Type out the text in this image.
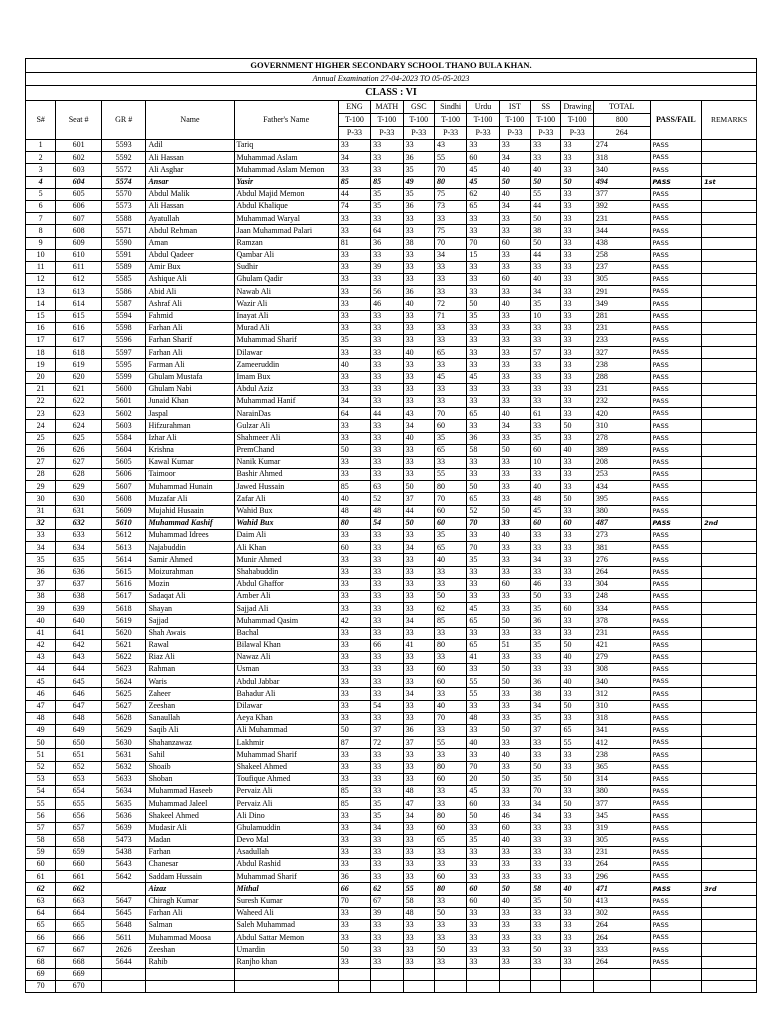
GOVERNMENT HIGHER SECONDARY SCHOOL THANO BULA KHAN.															
Annual Examination 27-04-2023 TO 05-05-2023															
CLASS : VI															
S#	Seat #	GR #	Name	Father's Name	ENG	MATH	GSC	Sindhi	Urdu	IST	SS	Drawing	TOTAL	PASS/FAIL	REMARKS
					T-100	T-100	T-100	T-100	T-100	T-100	T-100	T-100	800		
					P-33	P-33	P-33	P-33	P-33	P-33	P-33	P-33	264		
1	601	5593	Adil	Tariq	33	33	33	43	33	33	33	33	274	PASS	
2	602	5592	Ali Hassan	Muhammad Aslam	34	33	36	55	60	34	33	33	318	PASS	
3	603	5572	Ali Asghar	Muhammad Aslam Memon	33	33	35	70	45	40	40	33	340	PASS	
4	604	5574	Ansar	Yasir	85	85	49	80	45	50	50	50	494	PASS	1st
5	605	5570	Abdul Malik	Abdul Majid Memon	44	35	35	75	62	40	55	33	377	PASS	
6	606	5573	Ali Hassan	Abdul Khalique	74	35	36	73	65	34	44	33	392	PASS	
7	607	5588	Ayatullah	Muhammad Waryal	33	33	33	33	33	33	50	33	231	PASS	
8	608	5571	Abdul Rehman	Jaan Muhammad Palari	33	64	33	75	33	33	38	33	344	PASS	
9	609	5590	Aman	Ramzan	81	36	38	70	70	60	50	33	438	PASS	
10	610	5591	Abdul Qadeer	Qambar Ali	33	33	33	34	15	33	44	33	258	PASS	
11	611	5589	Amir Bux	Sudhir	33	39	33	33	33	33	33	33	237	PASS	
12	612	5585	Ashique Ali	Ghulam Qadir	33	33	33	33	33	60	40	33	305	PASS	
13	613	5586	Abid Ali	Nawab Ali	33	56	36	33	33	33	34	33	291	PASS	
14	614	5587	Ashraf Ali	Wazir Ali	33	46	40	72	50	40	35	33	349	PASS	
15	615	5594	Fahmid	Inayat Ali	33	33	33	71	35	33	10	33	281	PASS	
16	616	5598	Farhan Ali	Murad Ali	33	33	33	33	33	33	33	33	231	PASS	
17	617	5596	Farhan Sharif	Muhammad Sharif	35	33	33	33	33	33	33	33	233	PASS	
18	618	5597	Farhan Ali	Dilawar	33	33	40	65	33	33	57	33	327	PASS	
19	619	5595	Farman Ali	Zameeruddin	40	33	33	33	33	33	33	33	238	PASS	
20	620	5599	Ghulam Mustafa	Imam Bux	33	33	33	45	45	33	33	33	288	PASS	
21	621	5600	Ghulam Nabi	Abdul Aziz	33	33	33	33	33	33	33	33	231	PASS	
22	622	5601	Junaid Khan	Muhammad Hanif	34	33	33	33	33	33	33	33	232	PASS	
23	623	5602	Jaspal	NarainDas	64	44	43	70	65	40	61	33	420	PASS	
24	624	5603	Hifzurahman	Gulzar Ali	33	33	34	60	33	34	33	50	310	PASS	
25	625	5584	Izhar Ali	Shahmeer Ali	33	33	40	35	36	33	35	33	278	PASS	
26	626	5604	Krishna	PremChand	50	33	33	65	58	50	60	40	389	PASS	
27	627	5605	Kawal Kumar	Nanik Kumar	33	33	33	33	33	33	10	33	208	PASS	
28	628	5606	Taimoor	Bashir Ahmed	33	33	33	55	33	33	33	33	253	PASS	
29	629	5607	Muhammad Hunain	Jawed Hussain	85	63	50	80	50	33	40	33	434	PASS	
30	630	5608	Muzafar Ali	Zafar Ali	40	52	37	70	65	33	48	50	395	PASS	
31	631	5609	Mujahid Husaain	Wahid Bux	48	48	44	60	52	50	45	33	380	PASS	
32	632	5610	Muhammad Kashif	Wahid Bux	80	54	50	60	70	33	60	60	487	PASS	2nd
33	633	5612	Muhammad Idrees	Daim Ali	33	33	33	35	33	40	33	33	273	PASS	
34	634	5613	Najabuddin	Ali Khan	60	33	34	65	70	33	33	33	381	PASS	
35	635	5614	Samir Ahmed	Munir Ahmed	33	33	33	40	35	33	34	33	276	PASS	
36	636	5615	Moizurahman	Shahabuddin	33	33	33	33	33	33	33	33	264	PASS	
37	637	5616	Mozin	Abdul Ghaffor	33	33	33	33	33	60	46	33	304	PASS	
38	638	5617	Sadaqat Ali	Amber Ali	33	33	33	50	33	33	50	33	248	PASS	
39	639	5618	Shayan	Sajjad Ali	33	33	33	62	45	33	35	60	334	PASS	
40	640	5619	Sajjad	Muhammad Qasim	42	33	34	85	65	50	36	33	378	PASS	
41	641	5620	Shah Awais	Bachal	33	33	33	33	33	33	33	33	231	PASS	
42	642	5621	Rawal	Bilawal Khan	33	66	41	80	65	51	35	50	421	PASS	
43	643	5622	Riaz Ali	Nawaz Ali	33	33	33	33	41	33	33	40	279	PASS	
44	644	5623	Rahman	Usman	33	33	33	60	33	50	33	33	308	PASS	
45	645	5624	Waris	Abdul Jabbar	33	33	33	60	55	50	36	40	340	PASS	
46	646	5625	Zaheer	Bahadur Ali	33	33	34	33	55	33	38	33	312	PASS	
47	647	5627	Zeeshan	Dilawar	33	54	33	40	33	33	34	50	310	PASS	
48	648	5628	Sanaullah	Aeya Khan	33	33	33	70	48	33	35	33	318	PASS	
49	649	5629	Saqib Ali	Ali Muhammad	50	37	36	33	33	50	37	65	341	PASS	
50	650	5630	Shahanzawaz	Lakhmir	87	72	37	55	40	33	33	55	412	PASS	
51	651	5631	Sahil	Muhammad Sharif	33	33	33	33	33	40	33	33	238	PASS	
52	652	5632	Shoaib	Shakeel Ahmed	33	33	33	80	70	33	50	33	365	PASS	
53	653	5633	Shoban	Toufique Ahmed	33	33	33	60	20	50	35	50	314	PASS	
54	654	5634	Muhammad Haseeb	Pervaiz Ali	85	33	48	33	45	33	70	33	380	PASS	
55	655	5635	Muhammad Jaleel	Pervaiz Ali	85	35	47	33	60	33	34	50	377	PASS	
56	656	5636	Shakeel Ahmed	Ali Dino	33	35	34	80	50	46	34	33	345	PASS	
57	657	5639	Mudasir Ali	Ghulamuddin	33	34	33	60	33	60	33	33	319	PASS	
58	658	5473	Madan	Devo Mal	33	33	33	65	35	40	33	33	305	PASS	
59	659	5438	Farhan	Asadullah	33	33	33	33	33	33	33	33	231	PASS	
60	660	5643	Chanesar	Abdul Rashid	33	33	33	33	33	33	33	33	264	PASS	
61	661	5642	Saddam Hussain	Muhammad Sharif	36	33	33	60	33	33	33	33	296	PASS	
62	662		Aizaz	Mithal	66	62	55	80	60	50	58	40	471	PASS	3rd
63	663	5647	Chiragh Kumar	Suresh Kumar	70	67	58	33	60	40	35	50	413	PASS	
64	664	5645	Farhan Ali	Waheed Ali	33	39	48	50	33	33	33	33	302	PASS	
65	665	5648	Salman	Saleh Muhammad	33	33	33	33	33	33	33	33	264	PASS	
66	666	5611	Muhammad Moosa	Abdul Sattar Memon	33	33	33	33	33	33	33	33	264	PASS	
67	667	2626	Zeeshan	Umardin	50	33	33	50	33	33	50	33	333	PASS	
68	668	5644	Rahib	Ranjho khan	33	33	33	33	33	33	33	33	264	PASS	
69	669														
70	670														
